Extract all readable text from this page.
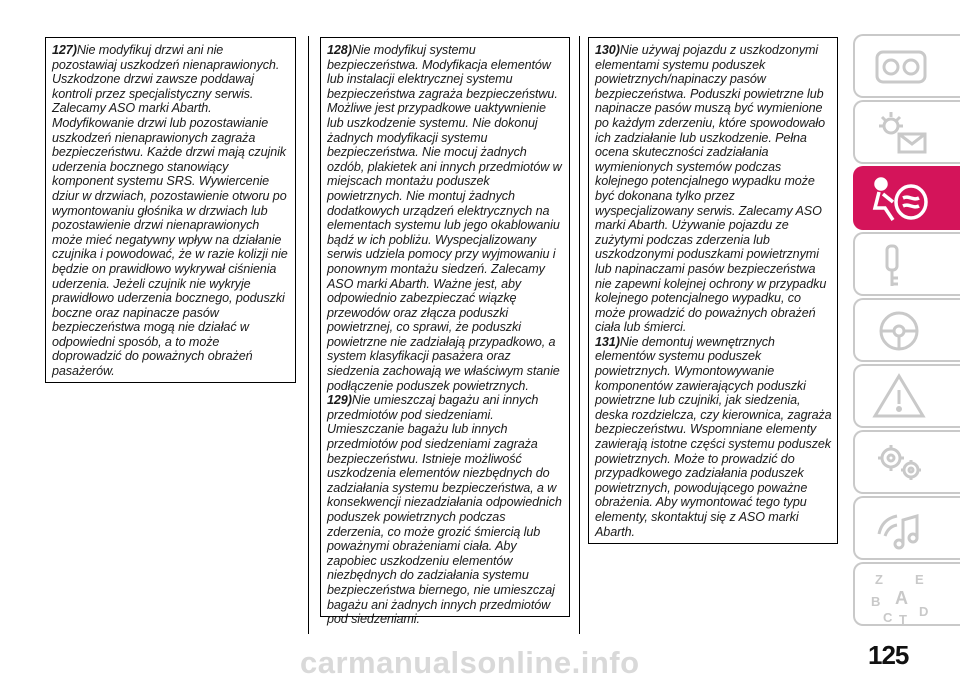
127)Nie modyfikuj drzwi ani nie pozostawiaj uszkodzeń nienaprawionych. Uszkodzone drzwi zawsze poddawaj kontroli przez specjalistyczny serwis. Zalecamy ASO marki Abarth. Modyfikowanie drzwi lub pozostawianie uszkodzeń nienaprawionych zagraża bezpieczeństwu. Każde drzwi mają czujnik uderzenia bocznego stanowiący komponent systemu SRS. Wywiercenie dziur w drzwiach, pozostawienie otworu po wymontowaniu głośnika w drzwiach lub pozostawienie drzwi nienaprawionych może mieć negatywny wpływ na działanie czujnika i powodować, że w razie kolizji nie będzie on prawidłowo wykrywał ciśnienia uderzenia. Jeżeli czujnik nie wykryje prawidłowo uderzenia bocznego, poduszki boczne oraz napinacze pasów bezpieczeństwa mogą nie działać w odpowiedni sposób, a to może doprowadzić do poważnych obrażeń pasażerów.

128)Nie modyfikuj systemu bezpieczeństwa. Modyfikacja elementów lub instalacji elektrycznej systemu bezpieczeństwa zagraża bezpieczeństwu. Możliwe jest przypadkowe uaktywnienie lub uszkodzenie systemu. Nie dokonuj żadnych modyfikacji systemu bezpieczeństwa. Nie mocuj żadnych ozdób, plakietek ani innych przedmiotów w miejscach montażu poduszek powietrznych. Nie montuj żadnych dodatkowych urządzeń elektrycznych na elementach systemu lub jego okablowaniu bądź w ich pobliżu. Wyspecjalizowany serwis udziela pomocy przy wyjmowaniu i ponownym montażu siedzeń. Zalecamy ASO marki Abarth. Ważne jest, aby odpowiednio zabezpieczać wiązkę przewodów oraz złącza poduszki powietrznej, co sprawi, że poduszki powietrzne nie zadziałają przypadkowo, a system klasyfikacji pasażera oraz siedzenia zachowają we właściwym stanie podłączenie poduszek powietrznych.

129)Nie umieszczaj bagażu ani innych przedmiotów pod siedzeniami. Umieszczanie bagażu lub innych przedmiotów pod siedzeniami zagraża bezpieczeństwu. Istnieje możliwość uszkodzenia elementów niezbędnych do zadziałania systemu bezpieczeństwa, a w konsekwencji niezadziałania odpowiednich poduszek powietrznych podczas zderzenia, co może grozić śmiercią lub poważnymi obrażeniami ciała. Aby zapobiec uszkodzeniu elementów niezbędnych do zadziałania systemu bezpieczeństwa biernego, nie umieszczaj bagażu ani żadnych innych przedmiotów pod siedzeniami.

130)Nie używaj pojazdu z uszkodzonymi elementami systemu poduszek powietrznych/napinaczy pasów bezpieczeństwa. Poduszki powietrzne lub napinacze pasów muszą być wymienione po każdym zderzeniu, które spowodowało ich zadziałanie lub uszkodzenie. Pełna ocena skuteczności zadziałania wymienionych systemów podczas kolejnego potencjalnego wypadku może być dokonana tylko przez wyspecjalizowany serwis. Zalecamy ASO marki Abarth. Używanie pojazdu ze zużytymi podczas zderzenia lub uszkodzonymi poduszkami powietrznymi lub napinaczami pasów bezpieczeństwa nie zapewni kolejnej ochrony w przypadku kolejnego potencjalnego wypadku, co może prowadzić do poważnych obrażeń ciała lub śmierci.

131)Nie demontuj wewnętrznych elementów systemu poduszek powietrznych. Wymontowywanie komponentów zawierających poduszki powietrzne lub czujniki, jak siedzenia, deska rozdzielcza, czy kierownica, zagraża bezpieczeństwu. Wspomniane elementy zawierają istotne części systemu poduszek powietrznych. Może to prowadzić do przypadkowego zadziałania poduszek powietrznych, powodującego poważne obrażenia. Aby wymontować tego typu elementy, skontaktuj się z ASO marki Abarth.

Z E
A
B
C T
D
125
carmanualsonline.info
